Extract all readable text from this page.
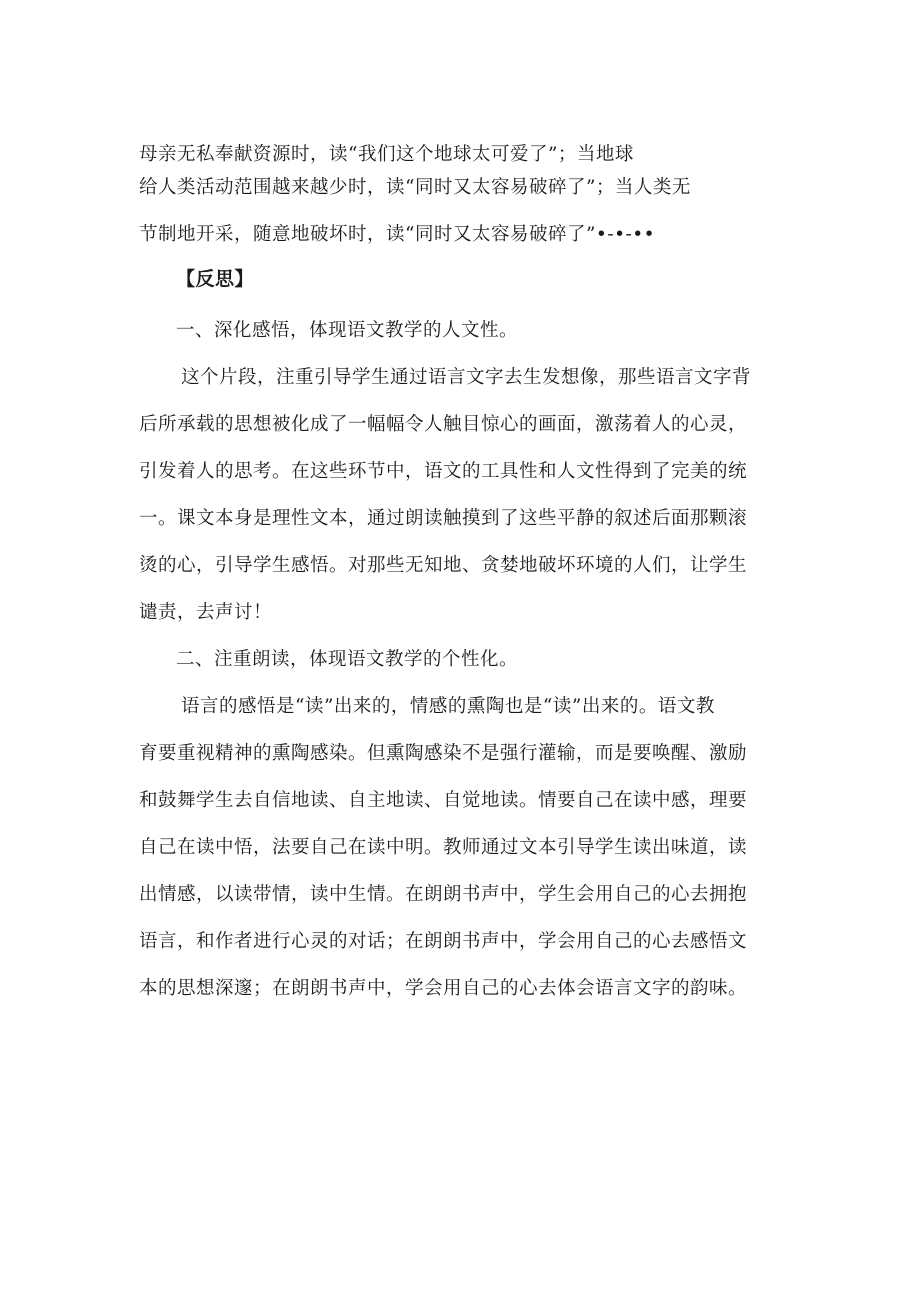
母亲无私奉献资源时，读“我们这个地球太可爱了”；当地球
给人类活动范围越来越少时，读“同时又太容易破碎了”；当人类无
节制地开采，随意地破坏时，读“同时又太容易破碎了”•-•-••
【反思】
一、深化感悟，体现语文教学的人文性。
这个片段，注重引导学生通过语言文字去生发想像，那些语言文字背
后所承载的思想被化成了一幅幅令人触目惊心的画面，激荡着人的心灵，
引发着人的思考。在这些环节中，语文的工具性和人文性得到了完美的统
一。课文本身是理性文本，通过朗读触摸到了这些平静的叙述后面那颗滚
烫的心，引导学生感悟。对那些无知地、贪婪地破坏环境的人们，让学生
谴责，去声讨！
二、注重朗读，体现语文教学的个性化。
语言的感悟是“读”出来的，情感的熏陶也是“读”出来的。语文教
育要重视精神的熏陶感染。但熏陶感染不是强行灌输，而是要唤醒、激励
和鼓舞学生去自信地读、自主地读、自觉地读。情要自己在读中感，理要
自己在读中悟，法要自己在读中明。教师通过文本引导学生读出味道，读
出情感，以读带情，读中生情。在朗朗书声中，学生会用自己的心去拥抱
语言，和作者进行心灵的对话；在朗朗书声中，学会用自己的心去感悟文
本的思想深邃；在朗朗书声中，学会用自己的心去体会语言文字的韵味。
